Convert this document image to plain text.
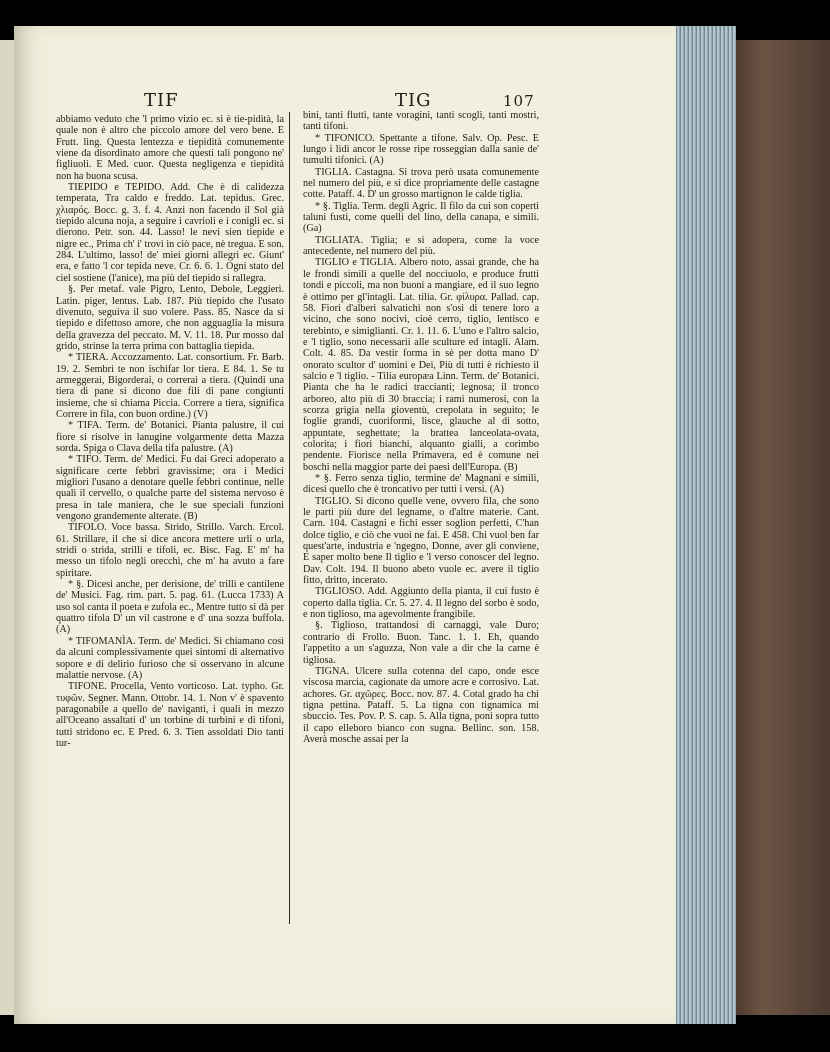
TIF	TIG	107

abbiamo veduto che 'l primo vizio ec. si è tie-pidità, la quale non è altro che piccolo amore del vero bene. E Frutt. ling. Questa lentezza e tiepidità comunemente viene da disordinato amore che questi tali pongono ne' figliuoli. E Med. cuor. Questa negligenza e tiepidità non ha buona scusa.

TIEPIDO e TEPIDO. Add. Che è di calidezza temperata, Tra caldo e freddo. Lat. tepidus. Grec. χλιαρός. Bocc. g. 3. f. 4. Anzi non facendo il Sol già tiepido alcuna noja, a seguire i cavrioli e i conigli ec. si dierono. Petr. son. 44. Lasso! le nevi sien tiepide e nigre ec., Prima ch' i' trovi in ciò pace, nè tregua. E son. 284. L'ultimo, lasso! de' miei giorni allegri ec. Giunt' era, e fatto 'l cor tepida neve. Cr. 6. 6. 1. Ogni stato del ciel sostiene (l'anice), ma più del tiepido si rallegra.

§. Per metaf. vale Pigro, Lento, Debole, Leggieri. Latin. piger, lentus. Lab. 187. Più tiepido che l'usato divenuto, seguiva il suo volere. Pass. 85. Nasce da si tiepido e difettoso amore, che non agguaglia la misura della gravezza del peccato. M. V. 11. 18. Pur mosso dal grido, strinse la terra prima con battaglia tiepida.

* TIERA. Accozzamento. Lat. consortium. Fr. Barb. 19. 2. Sembri te non ischifar lor tiera. E 84. 1. Se tu armeggerai, Bigorderai, o correrai a tiera. (Quindi una tiera di pane si dicono due fili di pane congiunti insieme, che si chiama Piccia. Correre a tiera, significa Correre in fila, con buon ordine.) (V)

* TIFA. Term. de' Botanici. Pianta palustre, il cui fiore si risolve in lanugine volgarmente detta Mazza sorda. Spiga o Clava della tifa palustre. (A)

* TIFO. Term. de' Medici. Fu dai Greci adoperato a significare certe febbri gravissime; ora i Medici migliori l'usano a denotare quelle febbri continue, nelle quali il cervello, o qualche parte del sistema nervoso è presa in tale maniera, che le sue speciali funzioni vengono grandemente alterate. (B)

TIFOLO. Voce bassa. Strido, Strillo. Varch. Ercol. 61. Strillare, il che si dice ancora mettere urli o urla, stridi o strida, strilli e tifoli, ec. Bisc. Fag. E' m' ha messo un tifolo negli orecchi, che m' ha avuto a fare spiritare.

* §. Dicesi anche, per derisione, de' trilli e cantilene de' Musici. Fag. rim. part. 5. pag. 61. (Lucca 1733) A uso sol canta il poeta e zufola ec., Mentre tutto si dà per quattro tifola D' un vil castrone e d' una sozza buffola. (A)

* TIFOMANÌA. Term. de' Medici. Si chiamano così da alcuni complessivamente quei sintomi di alternativo sopore e di delirio furioso che si osservano in alcune malattie nervose. (A)

TIFONE. Procella, Vento vorticoso. Lat. typho. Gr. τυφῶν. Segner. Mann. Ottobr. 14. 1. Non v' è spavento paragonabile a quello de' naviganti, i quali in mezzo all'Oceano assaltati d' un torbine di turbini e di tifoni, tutti stridono ec. E Pred. 6. 3. Tien assoldati Dio tanti tur-

bini, tanti flutti, tante voragini, tanti scogli, tanti mostri, tanti tifoni.

* TIFONICO. Spettante a tifone. Salv. Op. Pesc. E lungo i lidi ancor le rosse ripe rosseggian dalla sanie de' tumulti tifonici. (A)

TIGLIA. Castagna. Si trova però usata comunemente nel numero del più, e si dice propriamente delle castagne cotte. Pataff. 4. D' un grosso martignon le calde tiglia.

* §. Tiglia. Term. degli Agric. Il filo da cui son coperti taluni fusti, come quelli del lino, della canapa, e simili. (Ga)

TIGLIATA. Tiglia; e si adopera, come la voce antecedente, nel numero del più.

TIGLIO e TIGLIA. Albero noto, assai grande, che ha le frondi simili a quelle del nocciuolo, e produce frutti tondi e piccoli, ma non buoni a mangiare, ed il suo legno è ottimo per gl'intagli. Lat. tilia. Gr. φίλυρα. Pallad. cap. 58. Fiori d'alberi salvatichi non s'osi di tenere loro a vicino, che sono nocivi, cioè cerro, tiglio, lentisco e terebinto, e simiglianti. Cr. 1. 11. 6. L'uno e l'altro salcio, e 'l tiglio, sono necessarii alle sculture ed intagli. Alam. Colt. 4. 85. Da vestir forma in sè per dotta mano D' onorato scultor d' uomini e Dei, Più di tutti è richiesto il salcio e 'l tiglio. - Tilia europæa Linn. Term. de' Botanici. Pianta che ha le radici traccianti; legnosa; il tronco arboreo, alto più di 30 braccia; i rami numerosi, con la scorza grigia nella gioventù, crepolata in seguito; le foglie grandi, cuoriformi, lisce, glauche al di sotto, appuntate, seghettate; la brattea lanceolata-ovata, colorita; i fiori bianchi, alquanto gialli, a corimbo pendente. Fiorisce nella Primavera, ed è comune nei boschi nella maggior parte dei paesi dell'Europa. (B)

* §. Ferro senza tiglio, termine de' Magnani e simili, dicesi quello che è troncativo per tutti i versi. (A)

TIGLIO. Si dicono quelle vene, ovvero fila, che sono le parti più dure del legname, o d'altre materie. Cant. Carn. 104. Castagni e fichi esser soglion perfetti, C'han dolce tiglio, e ciò che vuoi ne fai. E 458. Chi vuol ben far quest'arte, industria e 'ngegno, Donne, aver gli conviene, E saper molto bene Il tiglio e 'l verso conoscer del legno. Dav. Colt. 194. Il buono abeto vuole ec. avere il tiglio fitto, dritto, incerato.

TIGLIOSO. Add. Aggiunto della pianta, il cui fusto è coperto dalla tiglia. Cr. 5. 27. 4. Il legno del sorbo è sodo, e non tiglioso, ma agevolmente frangibile.

§. Tiglioso, trattandosi di carnaggi, vale Duro; contrario di Frollo. Buon. Tanc. 1. 1. Eh, quando l'appetito a un s'aguzza, Non vale a dir che la carne è tigliosa.

TIGNA. Ulcere sulla cotenna del capo, onde esce viscosa marcia, cagionate da umore acre e corrosivo. Lat. achores. Gr. αχῶρες. Bocc. nov. 87. 4. Cotal grado ha chi tigna pettina. Pataff. 5. La tigna con tignamica mi sbuccio. Tes. Pov. P. S. cap. 5. Alla tigna, poni sopra tutto il capo elleboro bianco con sugna. Bellinc. son. 158. Averà mosche assai per la
